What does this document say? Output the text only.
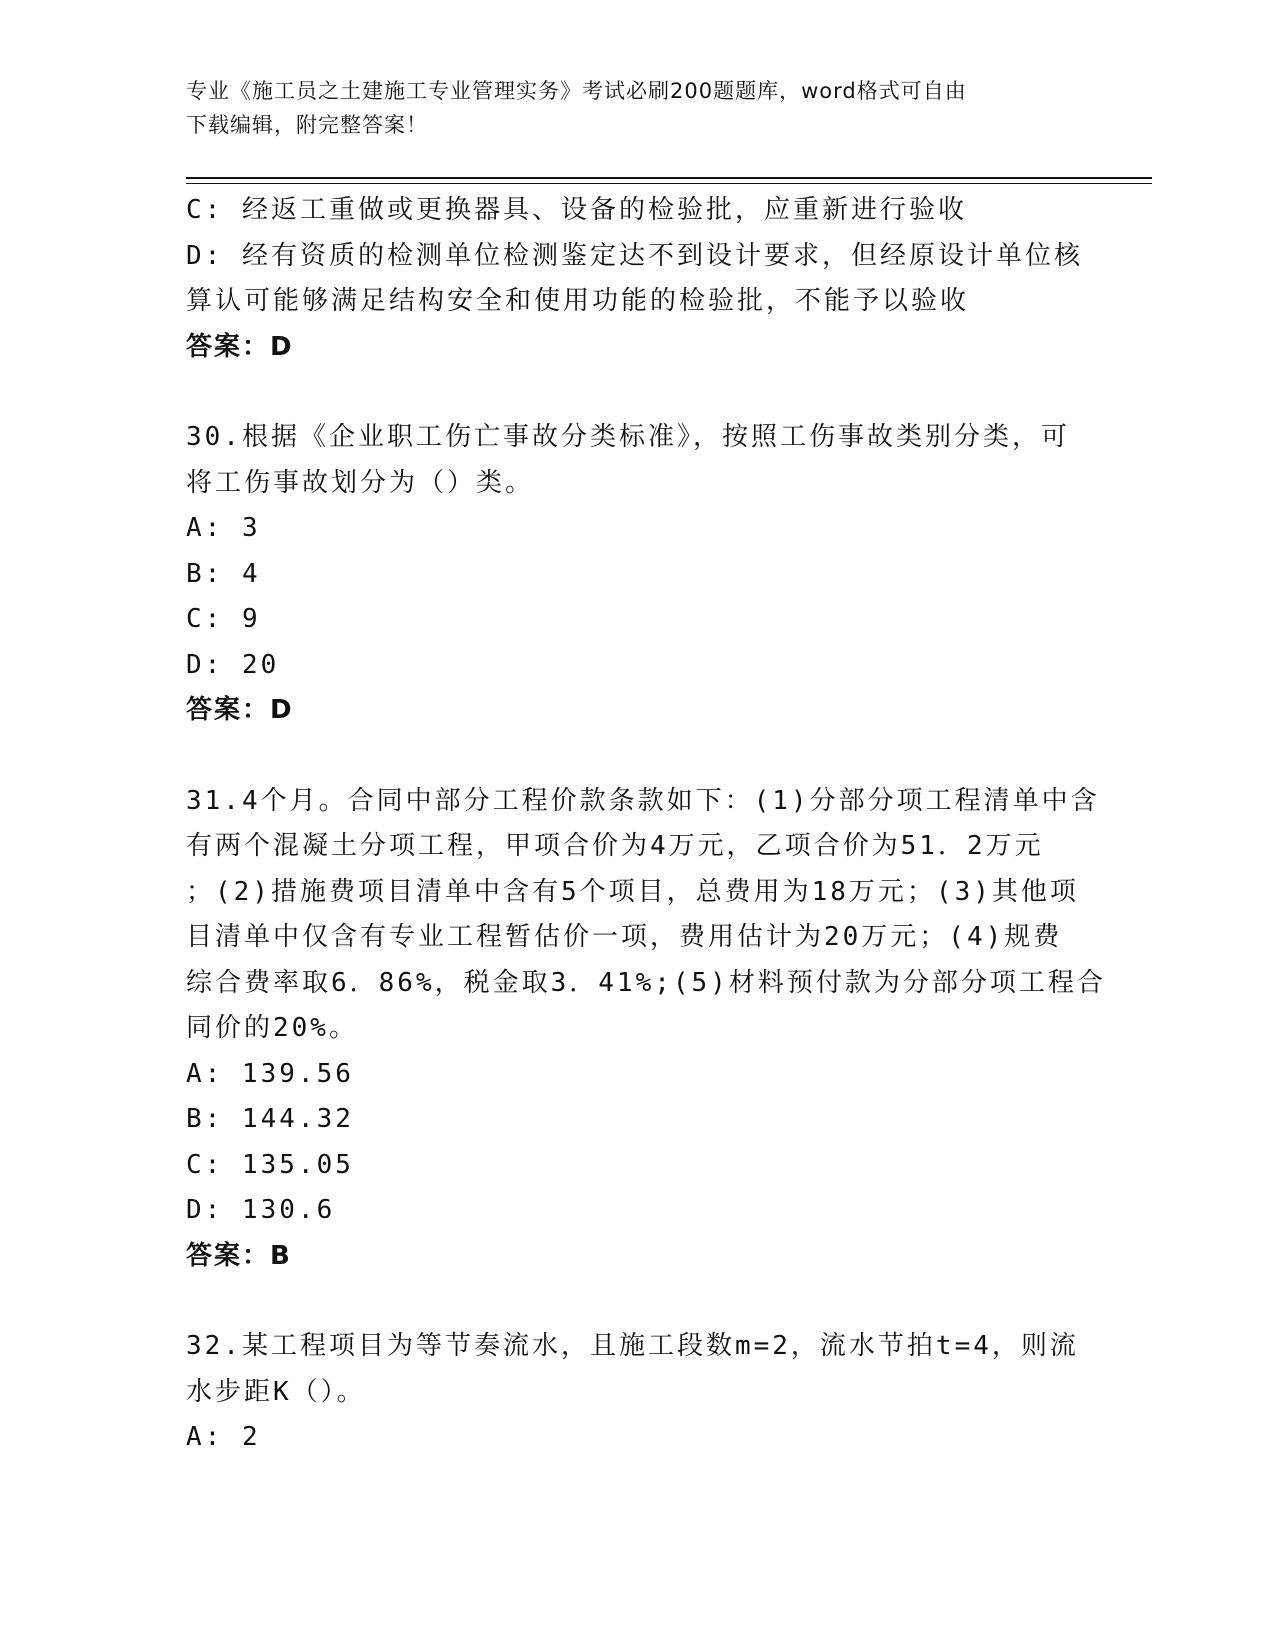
专业《施工员之土建施工专业管理实务》考试必刷200题题库，word格式可自由
下载编辑，附完整答案！
C: 经返工重做或更换器具、设备的检验批，应重新进行验收
D: 经有资质的检测单位检测鉴定达不到设计要求，但经原设计单位核
算认可能够满足结构安全和使用功能的检验批，不能予以验收
答案：D
30.根据《企业职工伤亡事故分类标准》，按照工伤事故类别分类，可
将工伤事故划分为（）类。
A: 3
B: 4
C: 9
D: 20
答案：D
31.4个月。合同中部分工程价款条款如下：(1)分部分项工程清单中含
有两个混凝土分项工程，甲项合价为4万元，乙项合价为51．2万元
；(2)措施费项目清单中含有5个项目，总费用为18万元；(3)其他项
目清单中仅含有专业工程暂估价一项，费用估计为20万元；(4)规费
综合费率取6．86%，税金取3．41%;(5)材料预付款为分部分项工程合
同价的20%。
A: 139.56
B: 144.32
C: 135.05
D: 130.6
答案：B
32.某工程项目为等节奏流水，且施工段数m=2，流水节拍t=4，则流
水步距K（）。
A: 2
